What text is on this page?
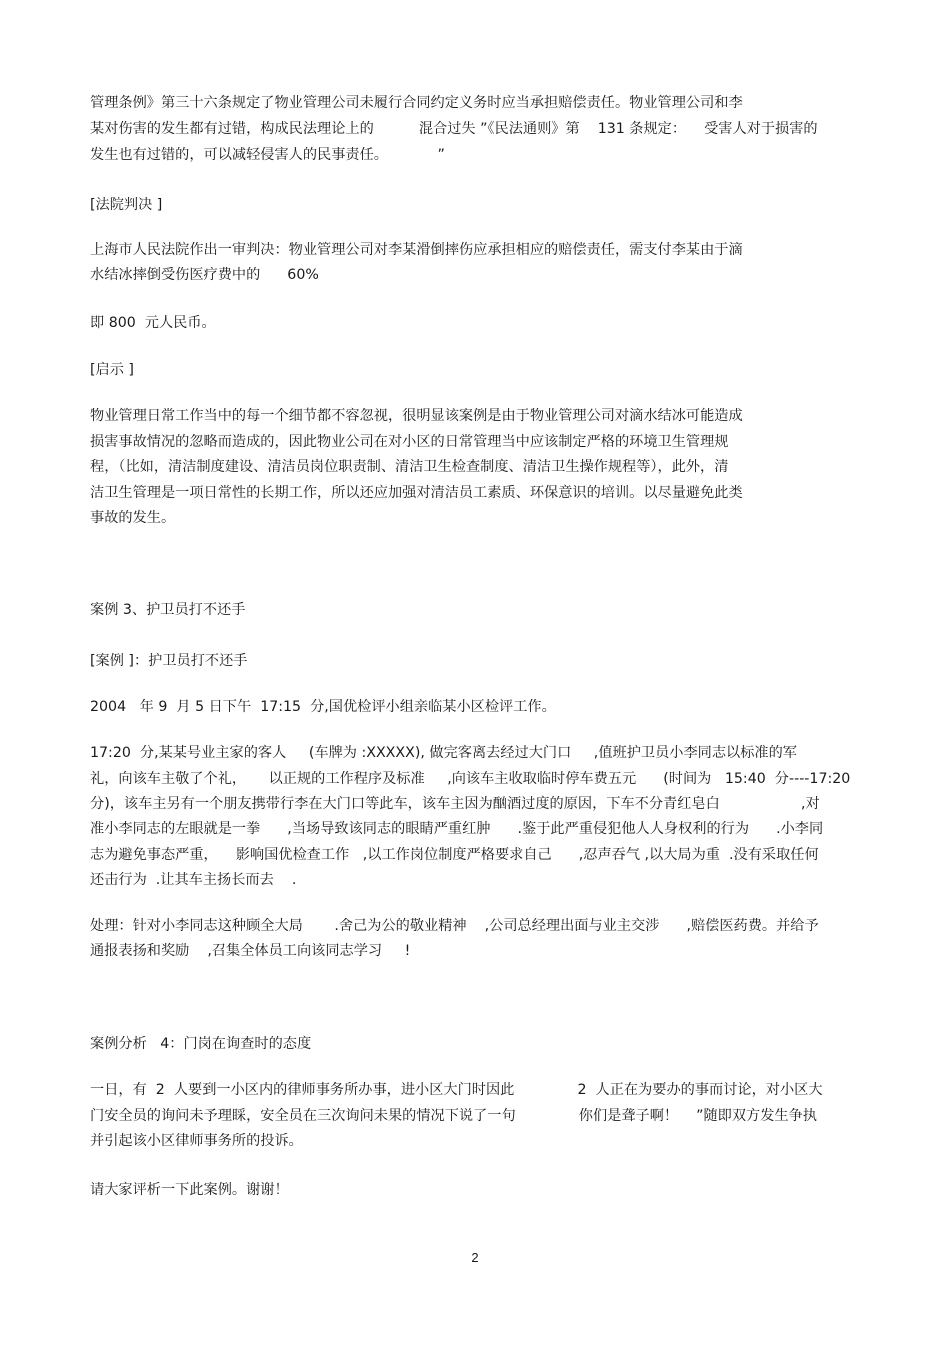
管理条例》第三十六条规定了物业管理公司未履行合同约定义务时应当承担赔偿责任。物业管理公司和李
某对伤害的发生都有过错，构成民法理论上的          混合过失 ”《民法通则》第    131 条规定：    受害人对于损害的
发生也有过错的，可以减轻侵害人的民事责任。           ”
[法院判决 ]
上海市人民法院作出一审判决：物业管理公司对李某滑倒摔伤应承担相应的赔偿责任，需支付李某由于滴
水结冰摔倒受伤医疗费中的      60%
即 800  元人民币。
[启示 ]
物业管理日常工作当中的每一个细节都不容忽视，很明显该案例是由于物业管理公司对滴水结冰可能造成
损害事故情况的忽略而造成的，因此物业公司在对小区的日常管理当中应该制定严格的环境卫生管理规
程，（比如，清洁制度建设、清洁员岗位职责制、清洁卫生检查制度、清洁卫生操作规程等），此外，清
洁卫生管理是一项日常性的长期工作，所以还应加强对清洁员工素质、环保意识的培训。以尽量避免此类
事故的发生。
案例 3、护卫员打不还手
[案例 ]：护卫员打不还手
2004   年 9  月 5 日下午  17:15  分,国优检评小组亲临某小区检评工作。
17:20  分,某某号业主家的客人     (车牌为 :XXXXX), 做完客离去经过大门口     ,值班护卫员小李同志以标准的军
礼，向该车主敬了个礼，     以正规的工作程序及标准     ,向该车主收取临时停车费五元      (时间为   15:40  分----17:20
分)，该车主另有一个朋友携带行李在大门口等此车，该车主因为酗酒过度的原因，下车不分青红皂白                  ,对
准小李同志的左眼就是一拳      ,当场导致该同志的眼睛严重红肿      .鉴于此严重侵犯他人人身权利的行为      .小李同
志为避免事态严重，    影响国优检查工作   ,以工作岗位制度严格要求自己      ,忍声吞气 ,以大局为重  .没有采取任何
还击行为  .让其车主扬长而去    .
处理：针对小李同志这种顾全大局       .舍己为公的敬业精神    ,公司总经理出面与业主交涉      ,赔偿医药费。并给予
通报表扬和奖励    ,召集全体员工向该同志学习     !
案例分析   4：门岗在询查时的态度
一日，有  2  人要到一小区内的律师事务所办事，进小区大门时因此              2  人正在为要办的事而讨论，对小区大
门安全员的询问未予理睬，安全员在三次询问未果的情况下说了一句              你们是聋子啊！    ”随即双方发生争执
并引起该小区律师事务所的投诉。
请大家评析一下此案例。谢谢！
2
